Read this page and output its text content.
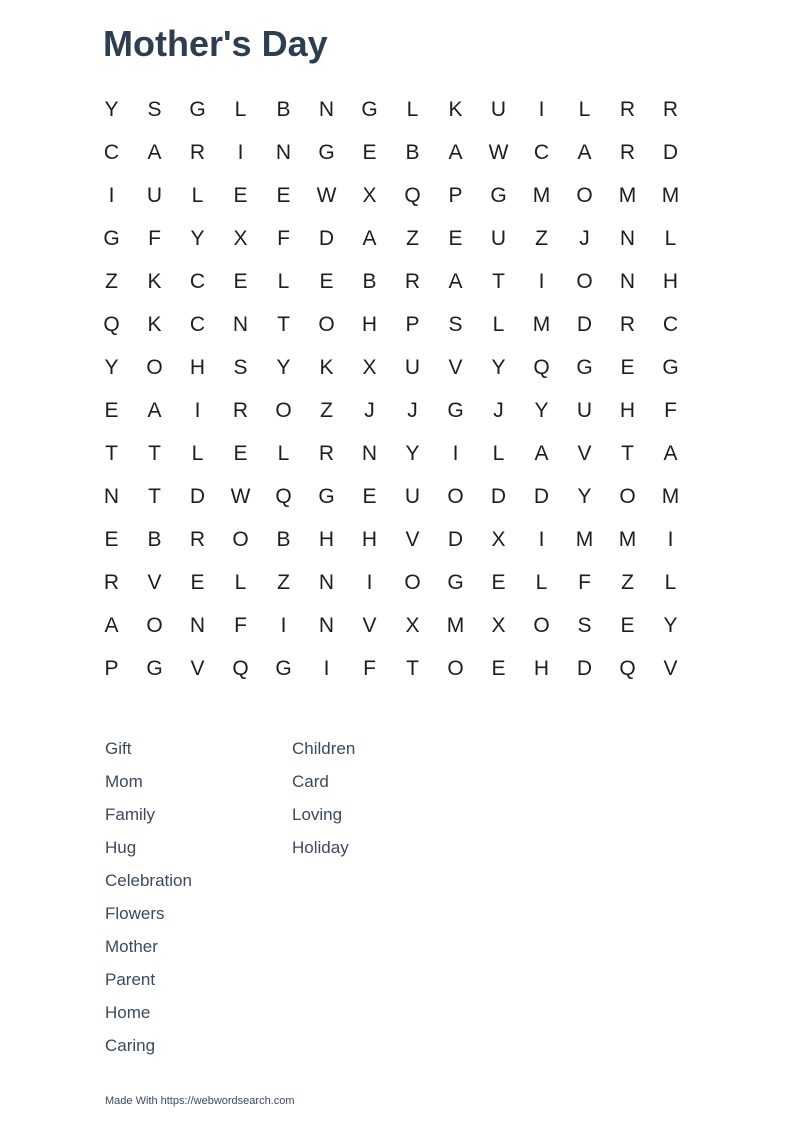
Mother's Day
Y	S	G	L	B	N	G	L	K	U	I	L	R	R
C	A	R	I	N	G	E	B	A	W	C	A	R	D
I	U	L	E	E	W	X	Q	P	G	M	O	M	M
G	F	Y	X	F	D	A	Z	E	U	Z	J	N	L
Z	K	C	E	L	E	B	R	A	T	I	O	N	H
Q	K	C	N	T	O	H	P	S	L	M	D	R	C
Y	O	H	S	Y	K	X	U	V	Y	Q	G	E	G
E	A	I	R	O	Z	J	J	G	J	Y	U	H	F
T	T	L	E	L	R	N	Y	I	L	A	V	T	A
N	T	D	W	Q	G	E	U	O	D	D	Y	O	M
E	B	R	O	B	H	H	V	D	X	I	M	M	I
R	V	E	L	Z	N	I	O	G	E	L	F	Z	L
A	O	N	F	I	N	V	X	M	X	O	S	E	Y
P	G	V	Q	G	I	F	T	O	E	H	D	Q	V
Gift
Mom
Family
Hug
Celebration
Flowers
Mother
Parent
Home
Caring
Children
Card
Loving
Holiday
Made With https://webwordsearch.com
